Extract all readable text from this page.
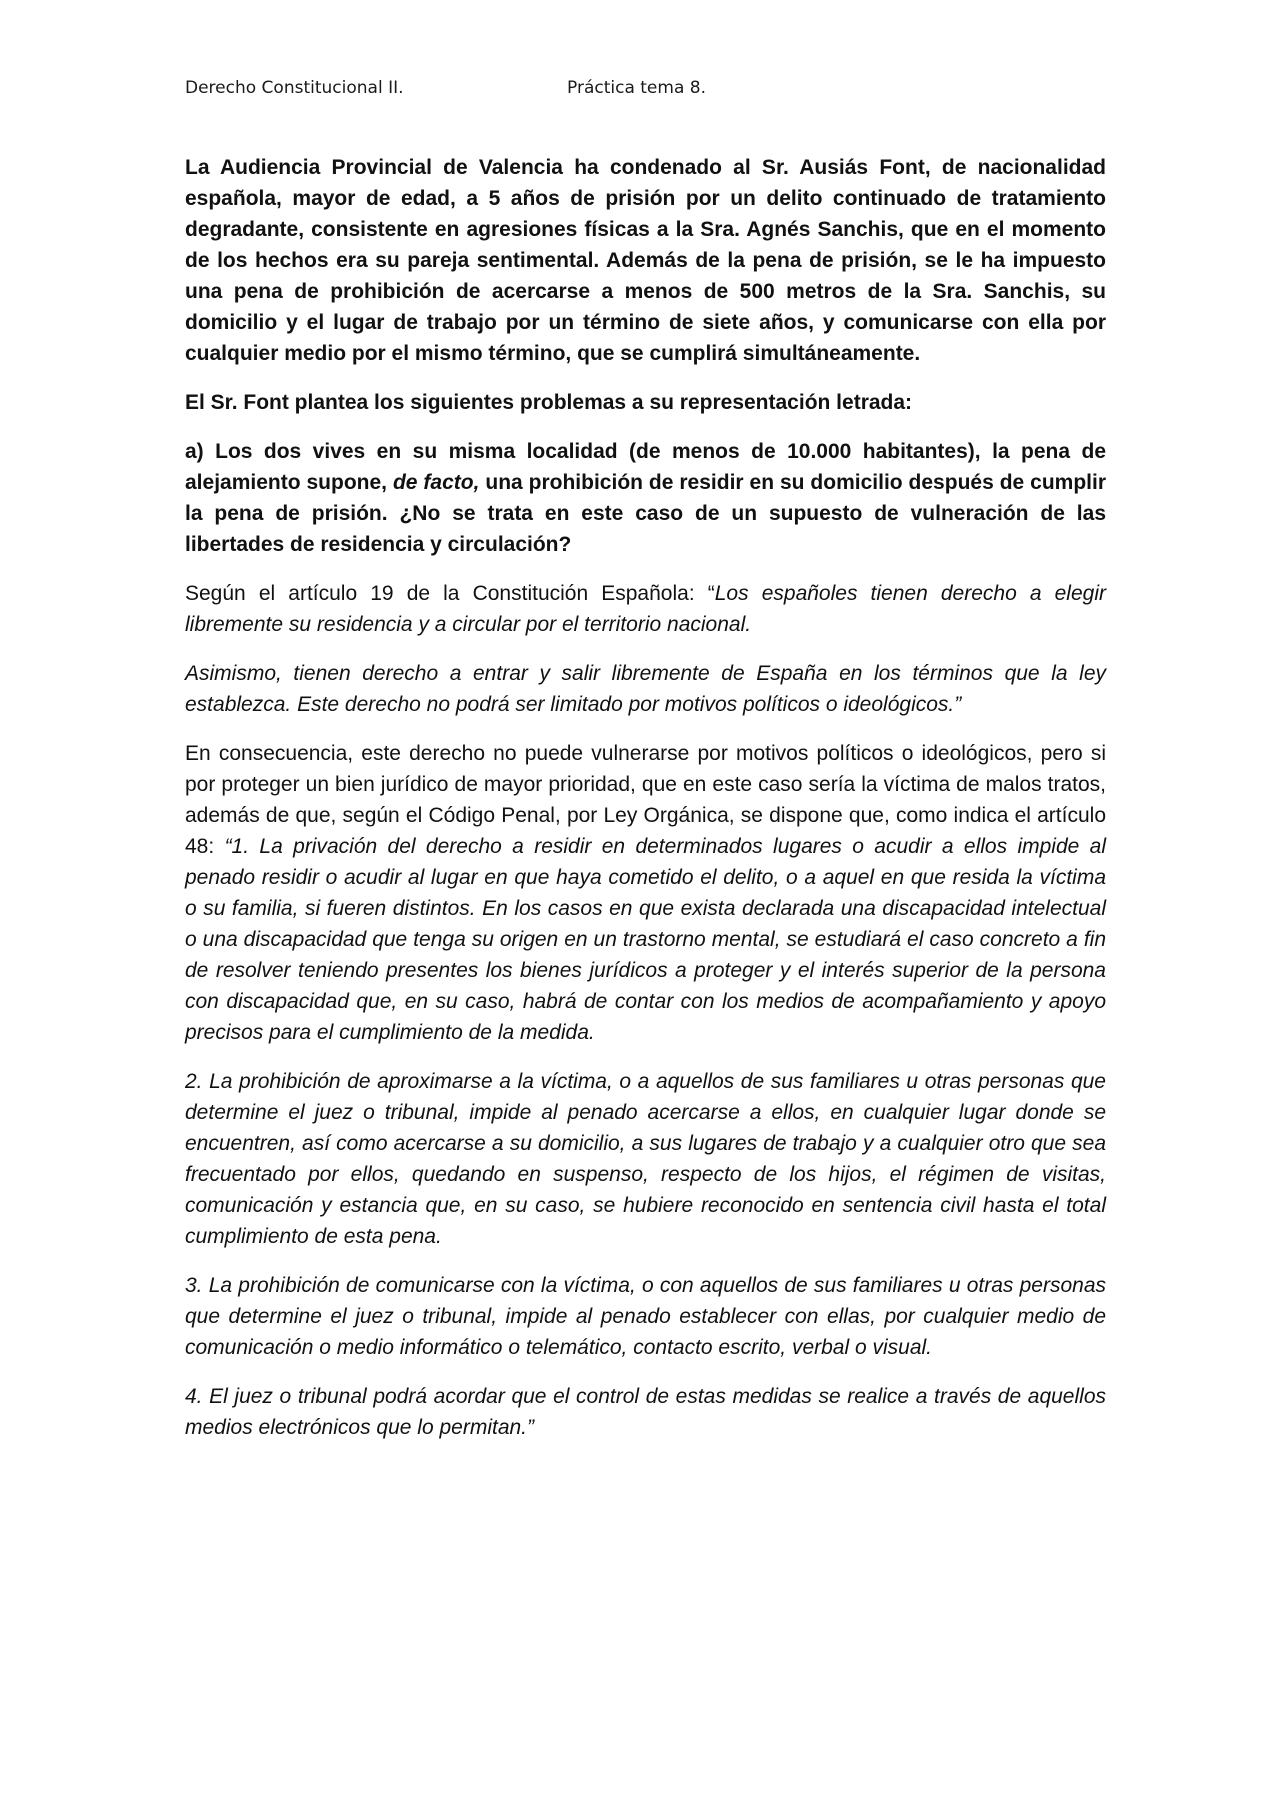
Derecho Constitucional II.	Práctica tema 8.

La Audiencia Provincial de Valencia ha condenado al Sr. Ausiás Font, de nacionalidad española, mayor de edad, a 5 años de prisión por un delito continuado de tratamiento degradante, consistente en agresiones físicas a la Sra. Agnés Sanchis, que en el momento de los hechos era su pareja sentimental. Además de la pena de prisión, se le ha impuesto una pena de prohibición de acercarse a menos de 500 metros de la Sra. Sanchis, su domicilio y el lugar de trabajo por un término de siete años, y comunicarse con ella por cualquier medio por el mismo término, que se cumplirá simultáneamente.

El Sr. Font plantea los siguientes problemas a su representación letrada:

a) Los dos vives en su misma localidad (de menos de 10.000 habitantes), la pena de alejamiento supone, de facto, una prohibición de residir en su domicilio después de cumplir la pena de prisión. ¿No se trata en este caso de un supuesto de vulneración de las libertades de residencia y circulación?

Según el artículo 19 de la Constitución Española: “Los españoles tienen derecho a elegir libremente su residencia y a circular por el territorio nacional.

Asimismo, tienen derecho a entrar y salir libremente de España en los términos que la ley establezca. Este derecho no podrá ser limitado por motivos políticos o ideológicos.”

En consecuencia, este derecho no puede vulnerarse por motivos políticos o ideológicos, pero si por proteger un bien jurídico de mayor prioridad, que en este caso sería la víctima de malos tratos, además de que, según el Código Penal, por Ley Orgánica, se dispone que, como indica el artículo 48: “1. La privación del derecho a residir en determinados lugares o acudir a ellos impide al penado residir o acudir al lugar en que haya cometido el delito, o a aquel en que resida la víctima o su familia, si fueren distintos. En los casos en que exista declarada una discapacidad intelectual o una discapacidad que tenga su origen en un trastorno mental, se estudiará el caso concreto a fin de resolver teniendo presentes los bienes jurídicos a proteger y el interés superior de la persona con discapacidad que, en su caso, habrá de contar con los medios de acompañamiento y apoyo precisos para el cumplimiento de la medida.

2. La prohibición de aproximarse a la víctima, o a aquellos de sus familiares u otras personas que determine el juez o tribunal, impide al penado acercarse a ellos, en cualquier lugar donde se encuentren, así como acercarse a su domicilio, a sus lugares de trabajo y a cualquier otro que sea frecuentado por ellos, quedando en suspenso, respecto de los hijos, el régimen de visitas, comunicación y estancia que, en su caso, se hubiere reconocido en sentencia civil hasta el total cumplimiento de esta pena.

3. La prohibición de comunicarse con la víctima, o con aquellos de sus familiares u otras personas que determine el juez o tribunal, impide al penado establecer con ellas, por cualquier medio de comunicación o medio informático o telemático, contacto escrito, verbal o visual.

4. El juez o tribunal podrá acordar que el control de estas medidas se realice a través de aquellos medios electrónicos que lo permitan.”
